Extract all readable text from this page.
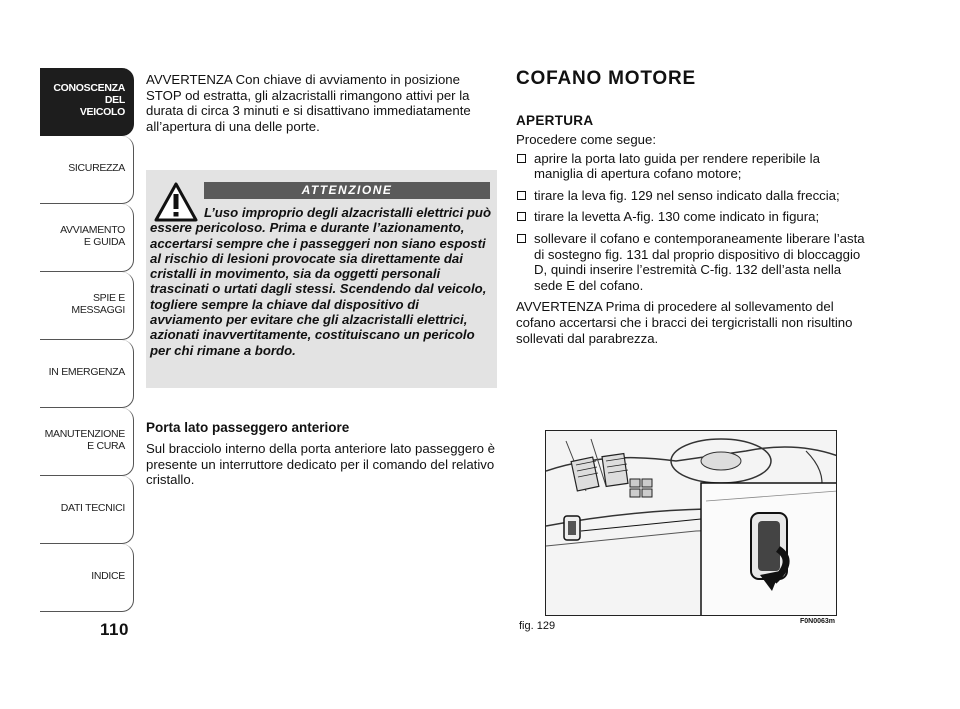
CONOSCENZA
DEL
VEICOLO
SICUREZZA
AVVIAMENTO
E GUIDA
SPIE E
MESSAGGI
IN EMERGENZA
MANUTENZIONE
E CURA
DATI TECNICI
INDICE
110

AVVERTENZA Con chiave di avviamento in posizione STOP od estratta, gli alzacristalli rimangono attivi per la durata di circa 3 minuti e si disattivano immediatamente all’apertura di una delle porte.

ATTENZIONE

L’uso improprio degli alzacristalli elettrici può essere pericoloso. Prima e durante l’azionamento, accertarsi sempre che i passeggeri non siano esposti al rischio di lesioni provocate sia direttamente dai cristalli in movimento, sia da oggetti personali trascinati o urtati dagli stessi. Scendendo dal veicolo, togliere sempre la chiave dal dispositivo di avviamento per evitare che gli alzacristalli elettrici, azionati inavvertitamente, costituiscano un pericolo per chi rimane a bordo.

Porta lato passeggero anteriore

Sul bracciolo interno della porta anteriore lato passeggero è presente un interruttore dedicato per il comando del relativo cristallo.

COFANO MOTORE
APERTURA

Procedere come segue:

aprire la porta lato guida per rendere reperibile la maniglia di apertura cofano motore;
tirare la leva fig. 129 nel senso indicato dalla freccia;
tirare la levetta A-fig. 130 come indicato in figura;
sollevare il cofano e contemporaneamente liberare l’asta di sostegno fig. 131 dal proprio dispositivo di bloccaggio D, quindi inserire l’estremità C-fig. 132 dell’asta nella sede E del cofano.

AVVERTENZA Prima di procedere al sollevamento del cofano accertarsi che i bracci dei tergicristalli non risultino sollevati dal parabrezza.

fig. 129	F0N0063m
